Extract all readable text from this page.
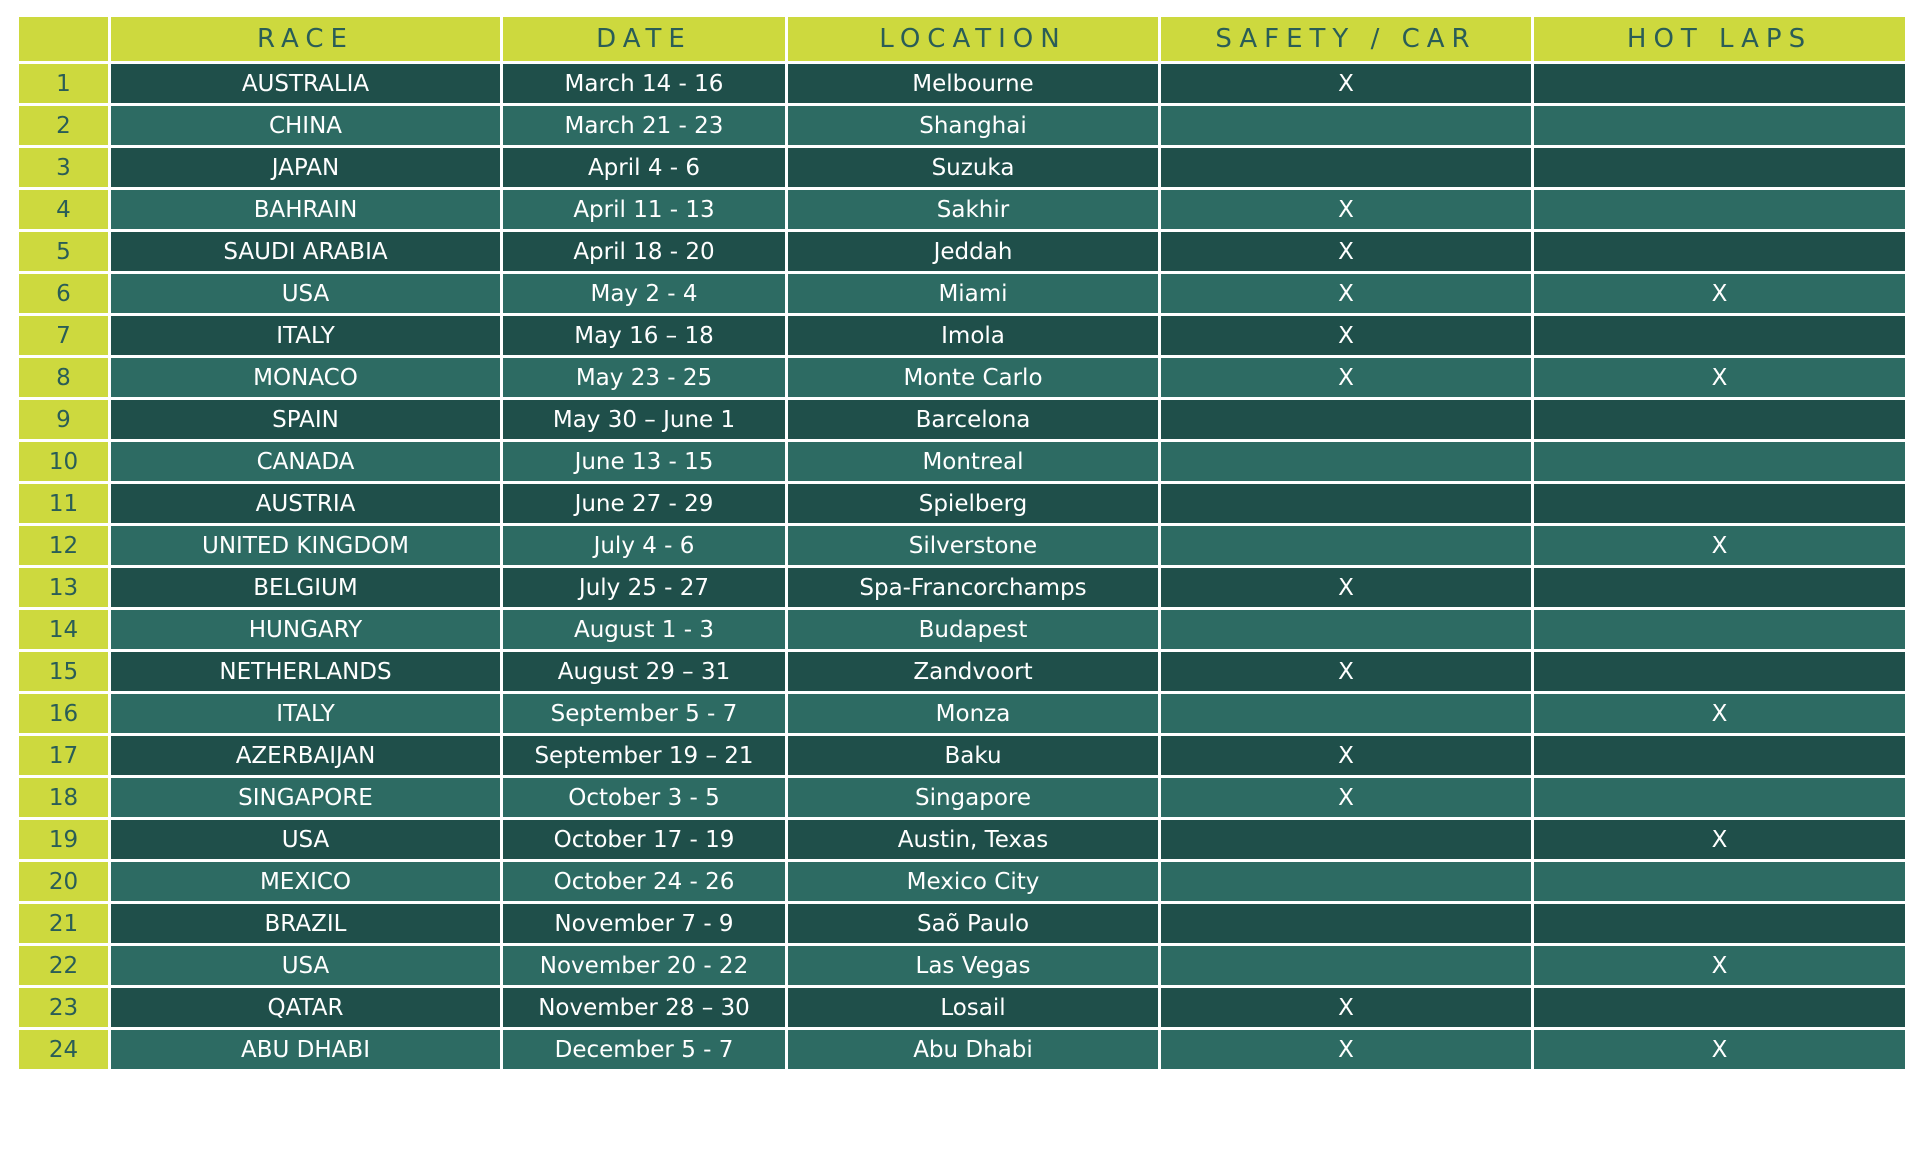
	RACE	DATE	LOCATION	SAFETY / CAR	HOT LAPS
1	AUSTRALIA	March 14 - 16	Melbourne	X	
2	CHINA	March 21 - 23	Shanghai		
3	JAPAN	April 4 - 6	Suzuka		
4	BAHRAIN	April 11 - 13	Sakhir	X	
5	SAUDI ARABIA	April 18 - 20	Jeddah	X	
6	USA	May 2 - 4	Miami	X	X
7	ITALY	May 16 – 18	Imola	X	
8	MONACO	May 23 - 25	Monte Carlo	X	X
9	SPAIN	May 30 – June 1	Barcelona		
10	CANADA	June 13 - 15	Montreal		
11	AUSTRIA	June 27 - 29	Spielberg		
12	UNITED KINGDOM	July 4 - 6	Silverstone		X
13	BELGIUM	July 25 - 27	Spa-Francorchamps	X	
14	HUNGARY	August 1 - 3	Budapest		
15	NETHERLANDS	August 29 – 31	Zandvoort	X	
16	ITALY	September 5 - 7	Monza		X
17	AZERBAIJAN	September 19 – 21	Baku	X	
18	SINGAPORE	October 3 - 5	Singapore	X	
19	USA	October 17 - 19	Austin, Texas		X
20	MEXICO	October 24 - 26	Mexico City		
21	BRAZIL	November 7 - 9	Saõ Paulo		
22	USA	November 20 - 22	Las Vegas		X
23	QATAR	November 28 – 30	Losail	X	
24	ABU DHABI	December 5 - 7	Abu Dhabi	X	X
